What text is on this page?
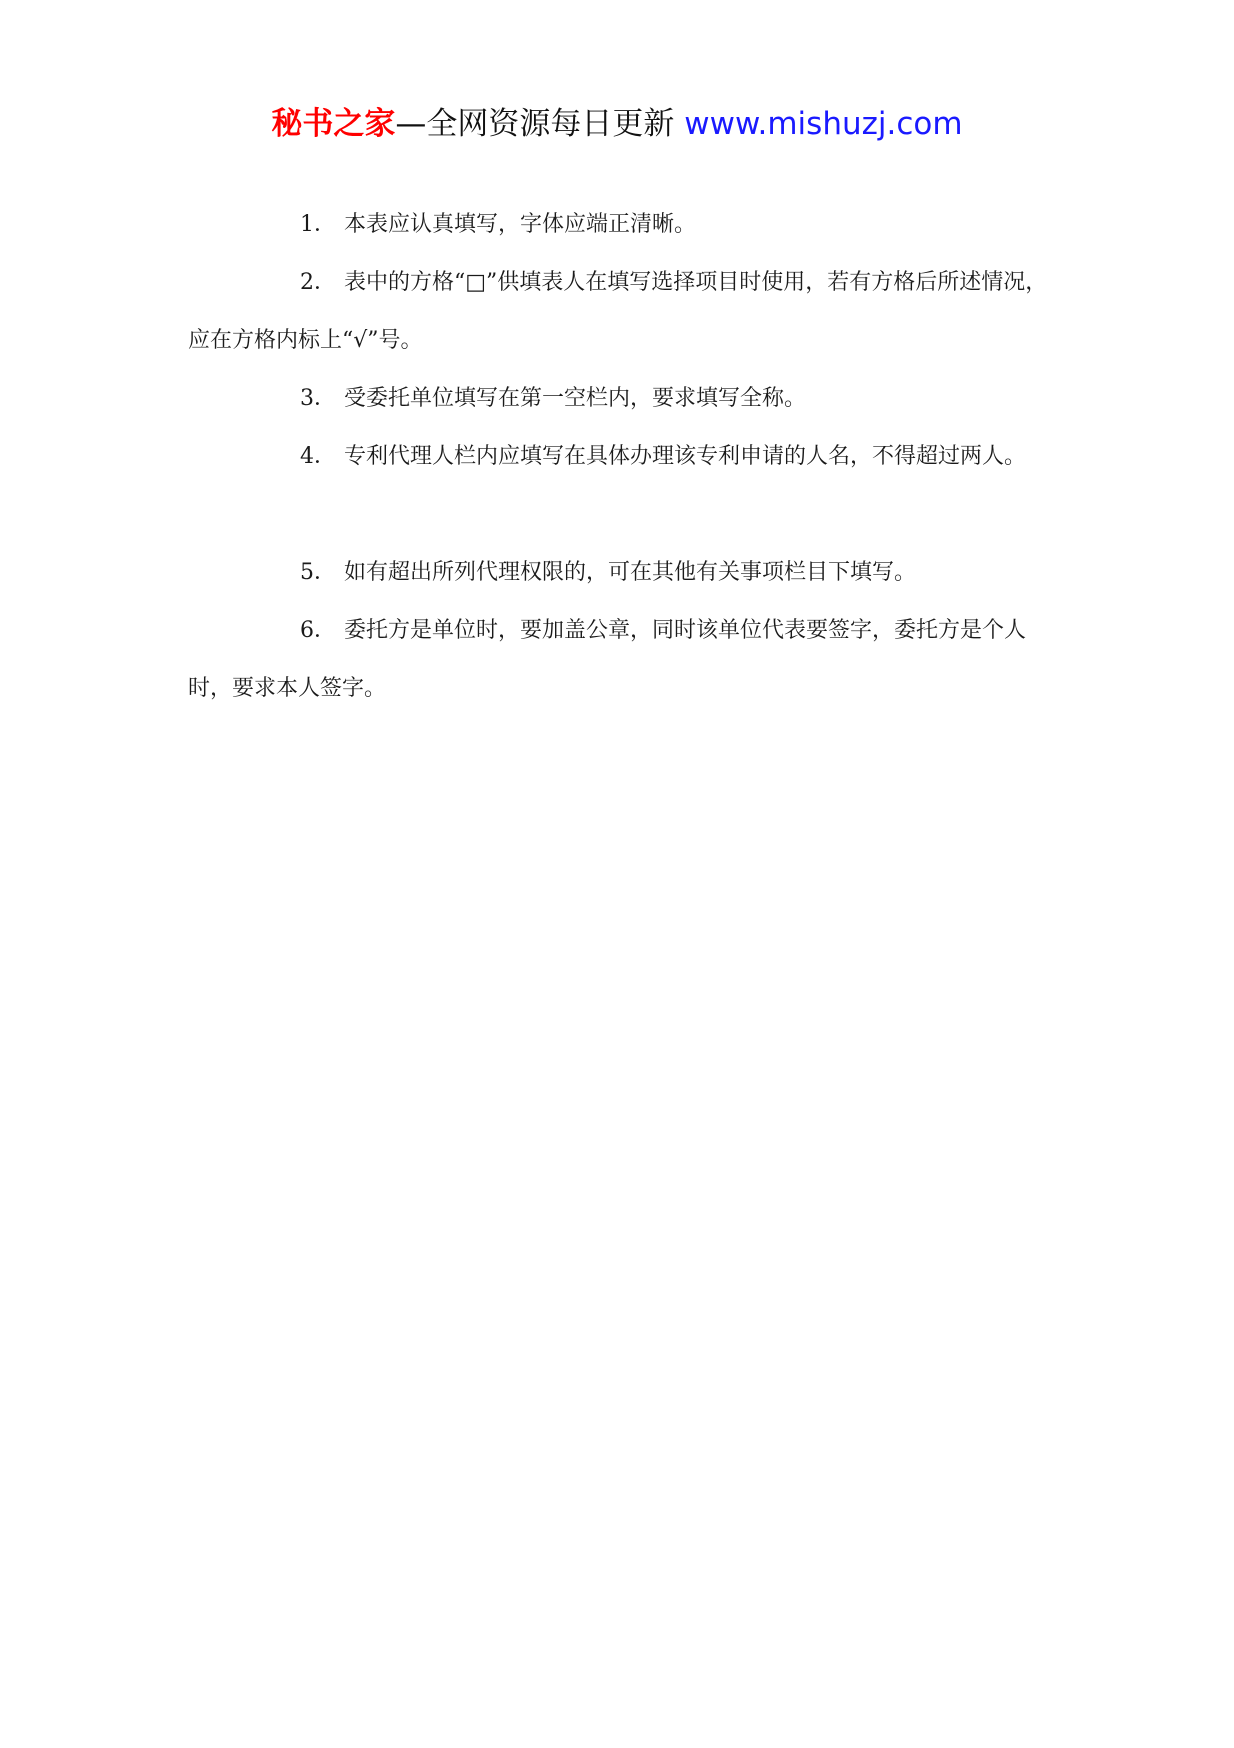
秘书之家—全网资源每日更新 www.mishuzj.com

1． 本表应认真填写，字体应端正清晰。

2． 表中的方格“□”供填表人在填写选择项目时使用，若有方格后所述情况，应在方格内标上“√”号。

3． 受委托单位填写在第一空栏内，要求填写全称。

4． 专利代理人栏内应填写在具体办理该专利申请的人名，不得超过两人。

5． 如有超出所列代理权限的，可在其他有关事项栏目下填写。

6． 委托方是单位时，要加盖公章，同时该单位代表要签字，委托方是个人时，要求本人签字。
